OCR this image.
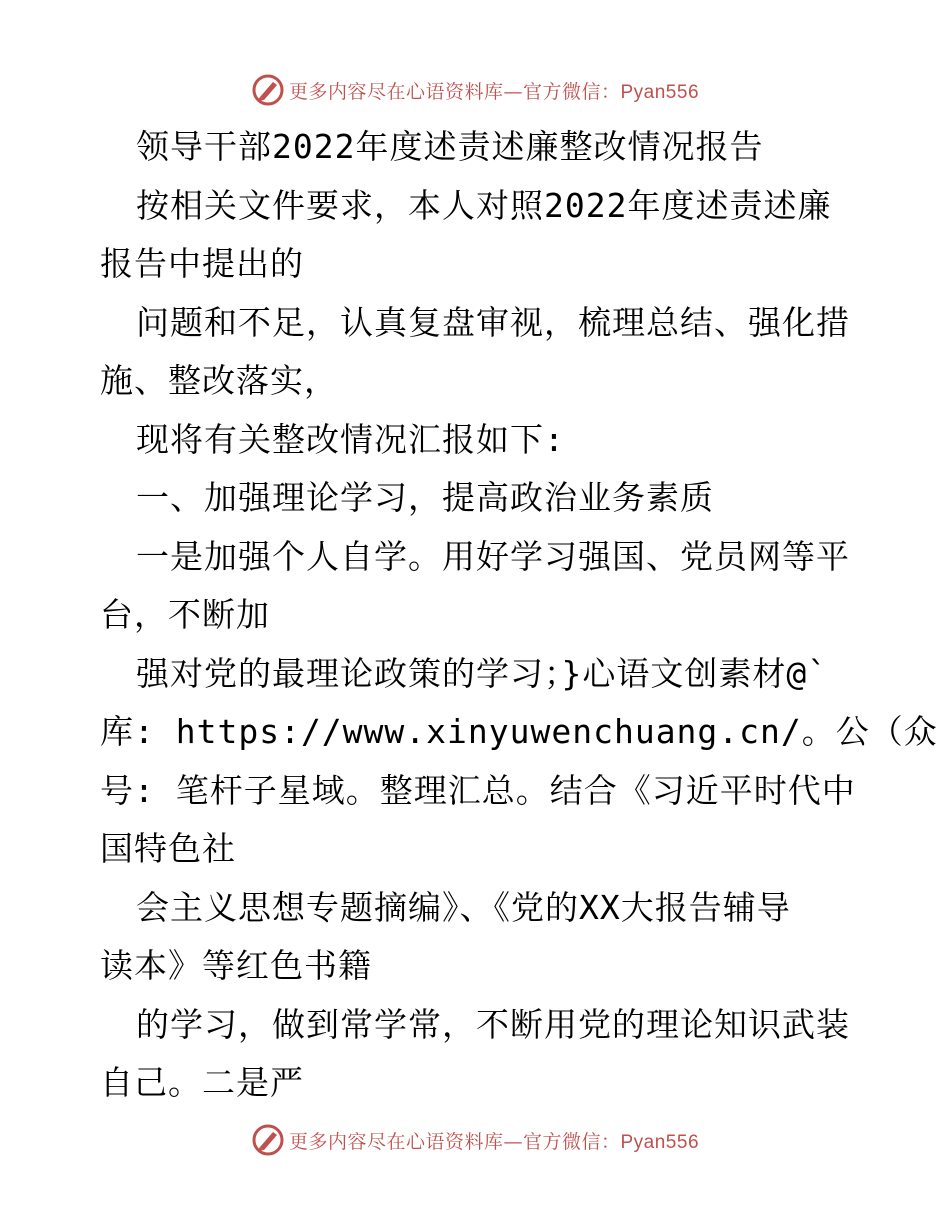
更多内容尽在心语资料库—官方微信：Pyan556
领导干部2022年度述责述廉整改情况报告
按相关文件要求，本人对照2022年度述责述廉
报告中提出的
问题和不足，认真复盘审视，梳理总结、强化措
施、整改落实，
现将有关整改情况汇报如下:
一、加强理论学习，提高政治业务素质
一是加强个人自学。用好学习强国、党员网等平
台，不断加
强对党的最理论政策的学习；}心语文创素材@`
库: https://www.xinyuwenchuang.cn/。公（众
号: 笔杆子星域。整理汇总。结合《习近平时代中
国特色社
会主义思想专题摘编》、《党的XX大报告辅导
读本》等红色书籍
的学习，做到常学常，不断用党的理论知识武装
自己。二是严
更多内容尽在心语资料库—官方微信：Pyan556
